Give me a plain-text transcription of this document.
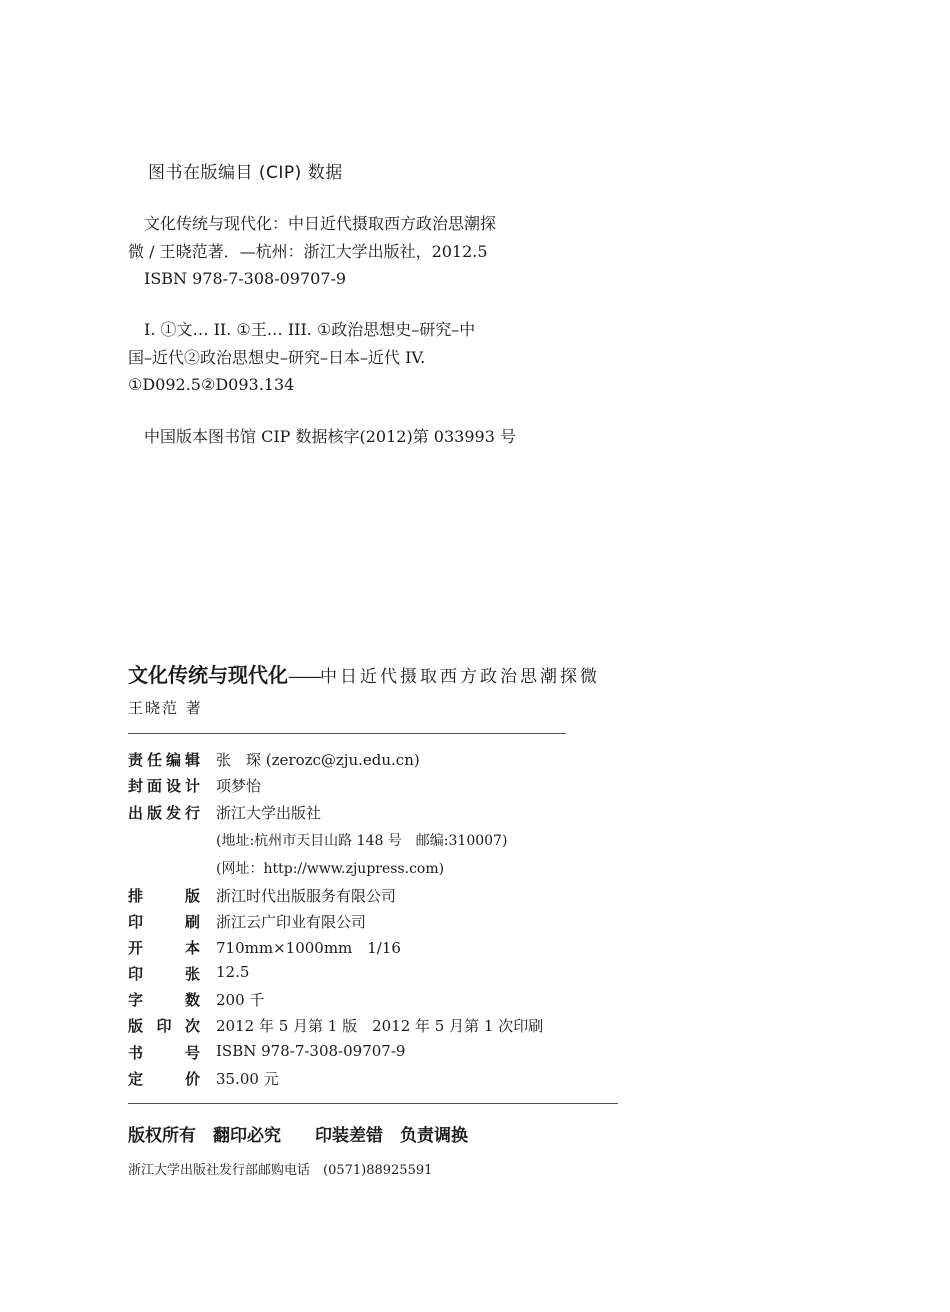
图书在版编目 (CIP) 数据
　文化传统与现代化：中日近代摄取西方政治思潮探
微 / 王晓范著．—杭州：浙江大学出版社，2012.5
　ISBN 978-7-308-09707-9
　I. ①文… II. ①王… III. ①政治思想史–研究–中
国–近代②政治思想史–研究–日本–近代 IV.
①D092.5②D093.134
　中国版本图书馆 CIP 数据核字(2012)第 033993 号
文化传统与现代化——中日近代摄取西方政治思潮探微
王晓范 著
责任编辑 张　琛 (zerozc@zju.edu.cn)
封面设计 项梦怡
出版发行 浙江大学出版社
(地址:杭州市天目山路 148 号　邮编:310007)
(网址：http://www.zjupress.com)
排版 浙江时代出版服务有限公司
印刷 浙江云广印业有限公司
开本 710mm×1000mm　1/16
印张 12.5
字数 200 千
版印次 2012 年 5 月第 1 版　2012 年 5 月第 1 次印刷
书号 ISBN 978-7-308-09707-9
定价 35.00 元
版权所有　翻印必究　　印装差错　负责调换
浙江大学出版社发行部邮购电话　(0571)88925591
